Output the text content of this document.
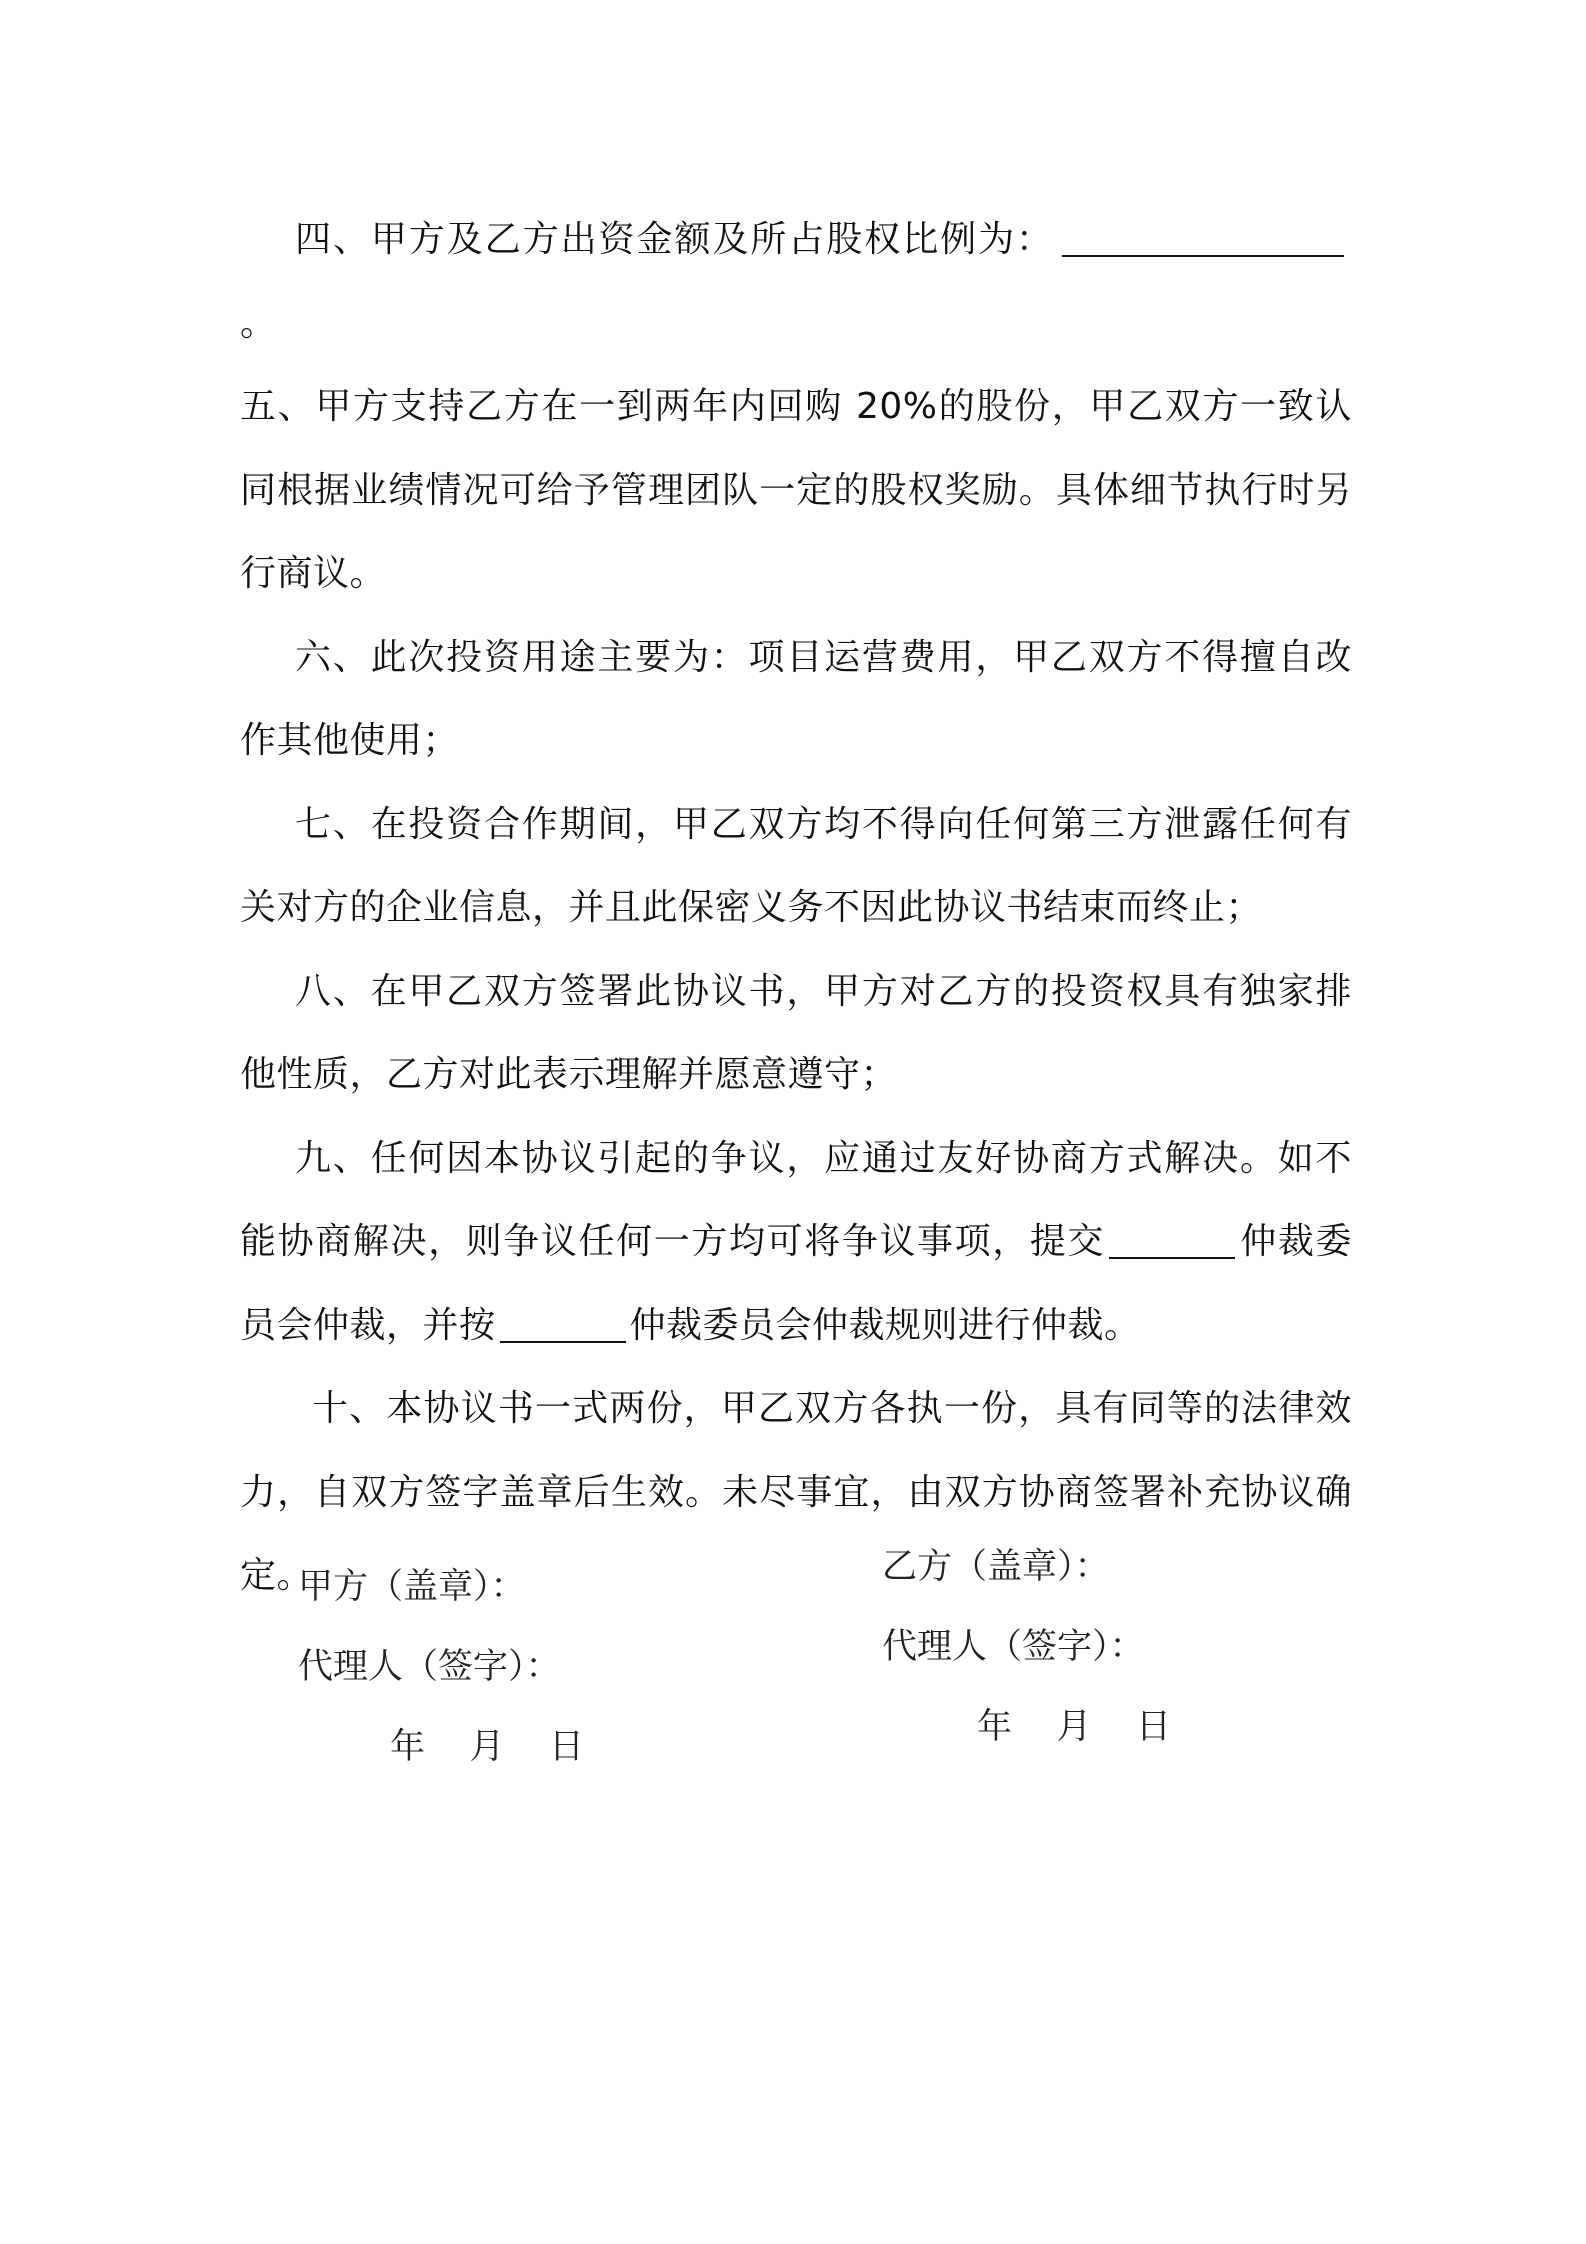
四、甲方及乙方出资金额及所占股权比例为：。

五、甲方支持乙方在一到两年内回购 20%的股份，甲乙双方一致认同根据业绩情况可给予管理团队一定的股权奖励。具体细节执行时另行商议。

六、此次投资用途主要为：项目运营费用，甲乙双方不得擅自改作其他使用；

七、在投资合作期间，甲乙双方均不得向任何第三方泄露任何有关对方的企业信息，并且此保密义务不因此协议书结束而终止；

八、在甲乙双方签署此协议书，甲方对乙方的投资权具有独家排他性质，乙方对此表示理解并愿意遵守；

九、任何因本协议引起的争议，应通过友好协商方式解决。如不能协商解决，则争议任何一方均可将争议事项，提交	仲裁委员会仲裁，并按	仲裁委员会仲裁规则进行仲裁。

十、本协议书一式两份，甲乙双方各执一份，具有同等的法律效力，自双方签字盖章后生效。未尽事宜，由双方协商签署补充协议确定。

甲方（盖章）：
代理人（签字）：
年    月    日
乙方（盖章）：
代理人（签字）：
年    月    日
